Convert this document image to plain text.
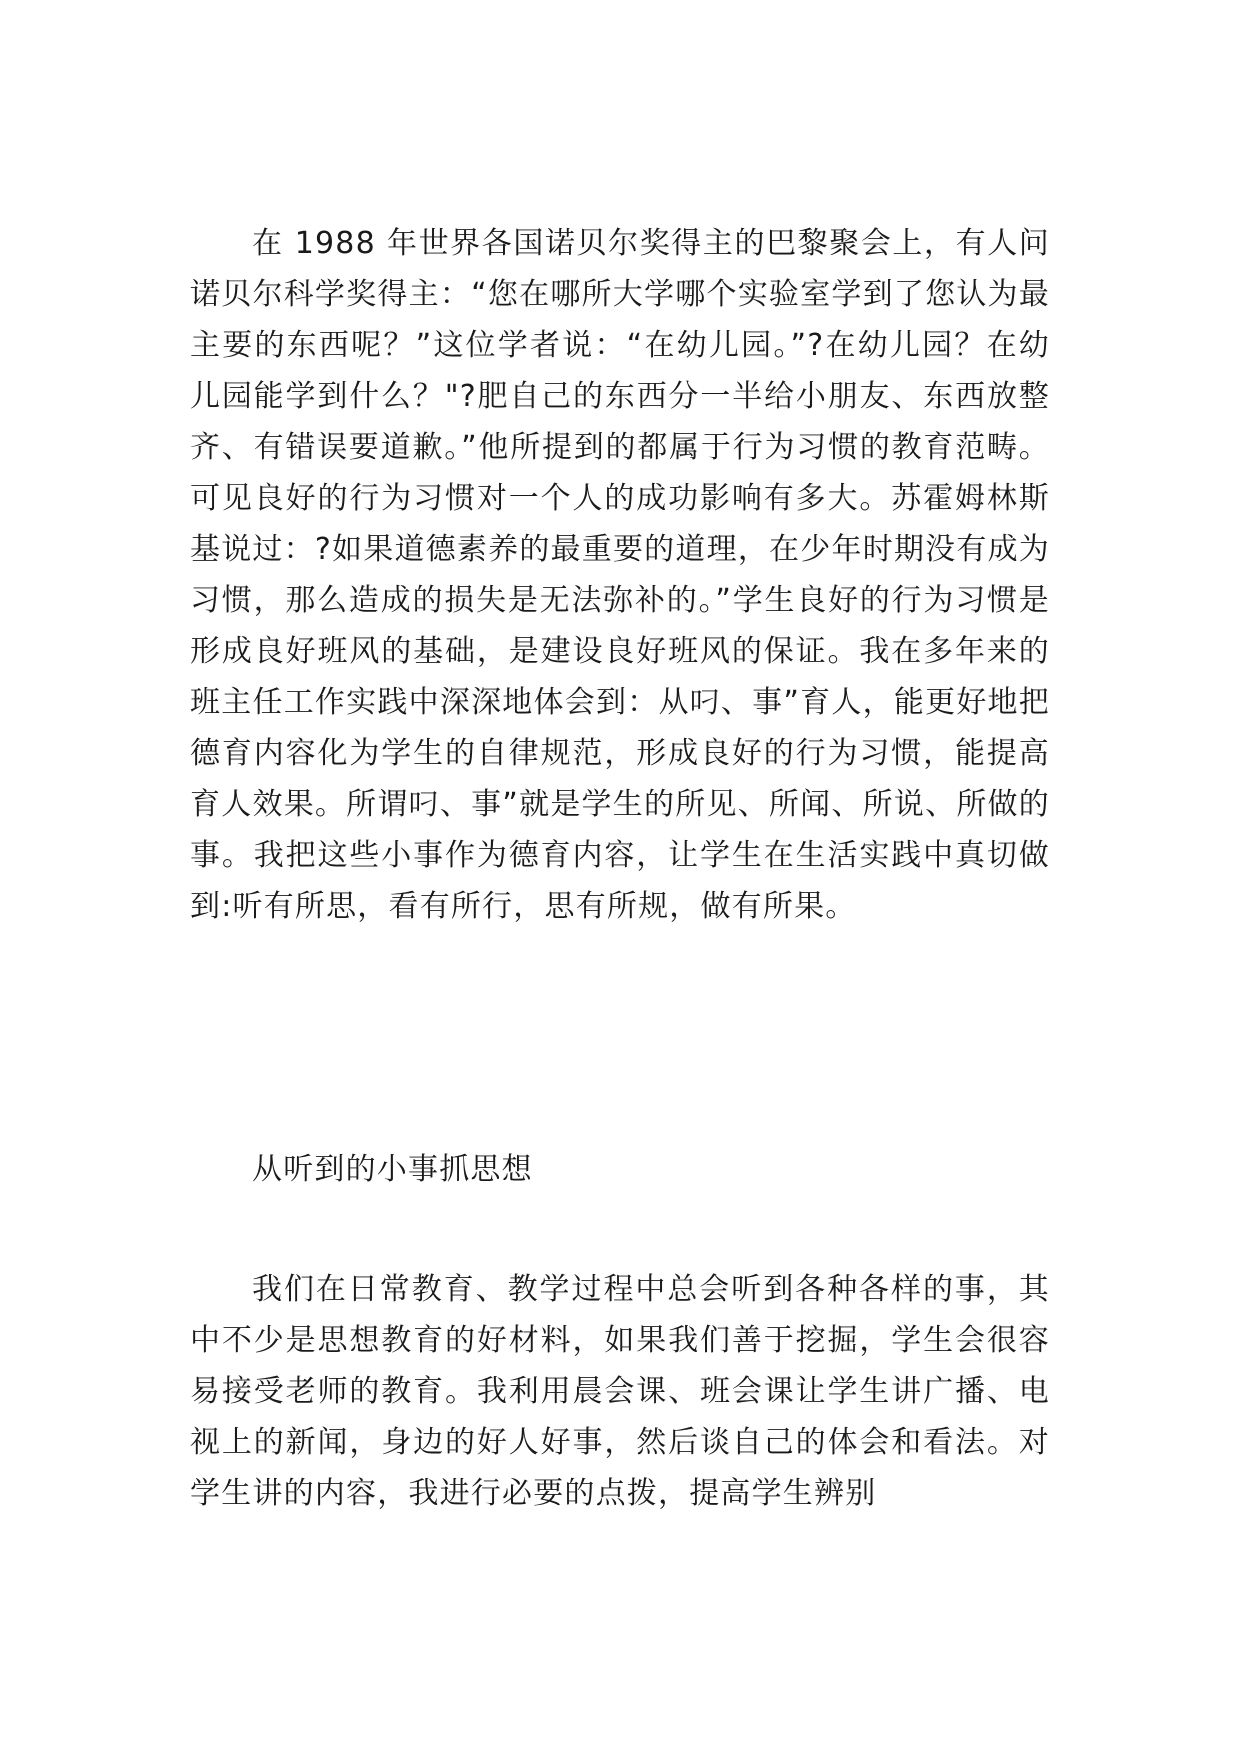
在 1988 年世界各国诺贝尔奖得主的巴黎聚会上，有人问诺贝尔科学奖得主：“您在哪所大学哪个实验室学到了您认为最主要的东西呢？”这位学者说：“在幼儿园。”?在幼儿园？在幼儿园能学到什么？"?肥自己的东西分一半给小朋友、东西放整齐、有错误要道歉。”他所提到的都属于行为习惯的教育范畴。可见良好的行为习惯对一个人的成功影响有多大。苏霍姆林斯基说过：?如果道德素养的最重要的道理，在少年时期没有成为习惯，那么造成的损失是无法弥补的。”学生良好的行为习惯是形成良好班风的基础，是建设良好班风的保证。我在多年来的班主任工作实践中深深地体会到：从叼、事”育人，能更好地把德育内容化为学生的自律规范，形成良好的行为习惯，能提高育人效果。所谓叼、事”就是学生的所见、所闻、所说、所做的事。我把这些小事作为德育内容，让学生在生活实践中真切做到:听有所思，看有所行，思有所规，做有所果。

从听到的小事抓思想

我们在日常教育、教学过程中总会听到各种各样的事，其中不少是思想教育的好材料，如果我们善于挖掘，学生会很容易接受老师的教育。我利用晨会课、班会课让学生讲广播、电视上的新闻，身边的好人好事，然后谈自己的体会和看法。对学生讲的内容，我进行必要的点拨，提高学生辨别
